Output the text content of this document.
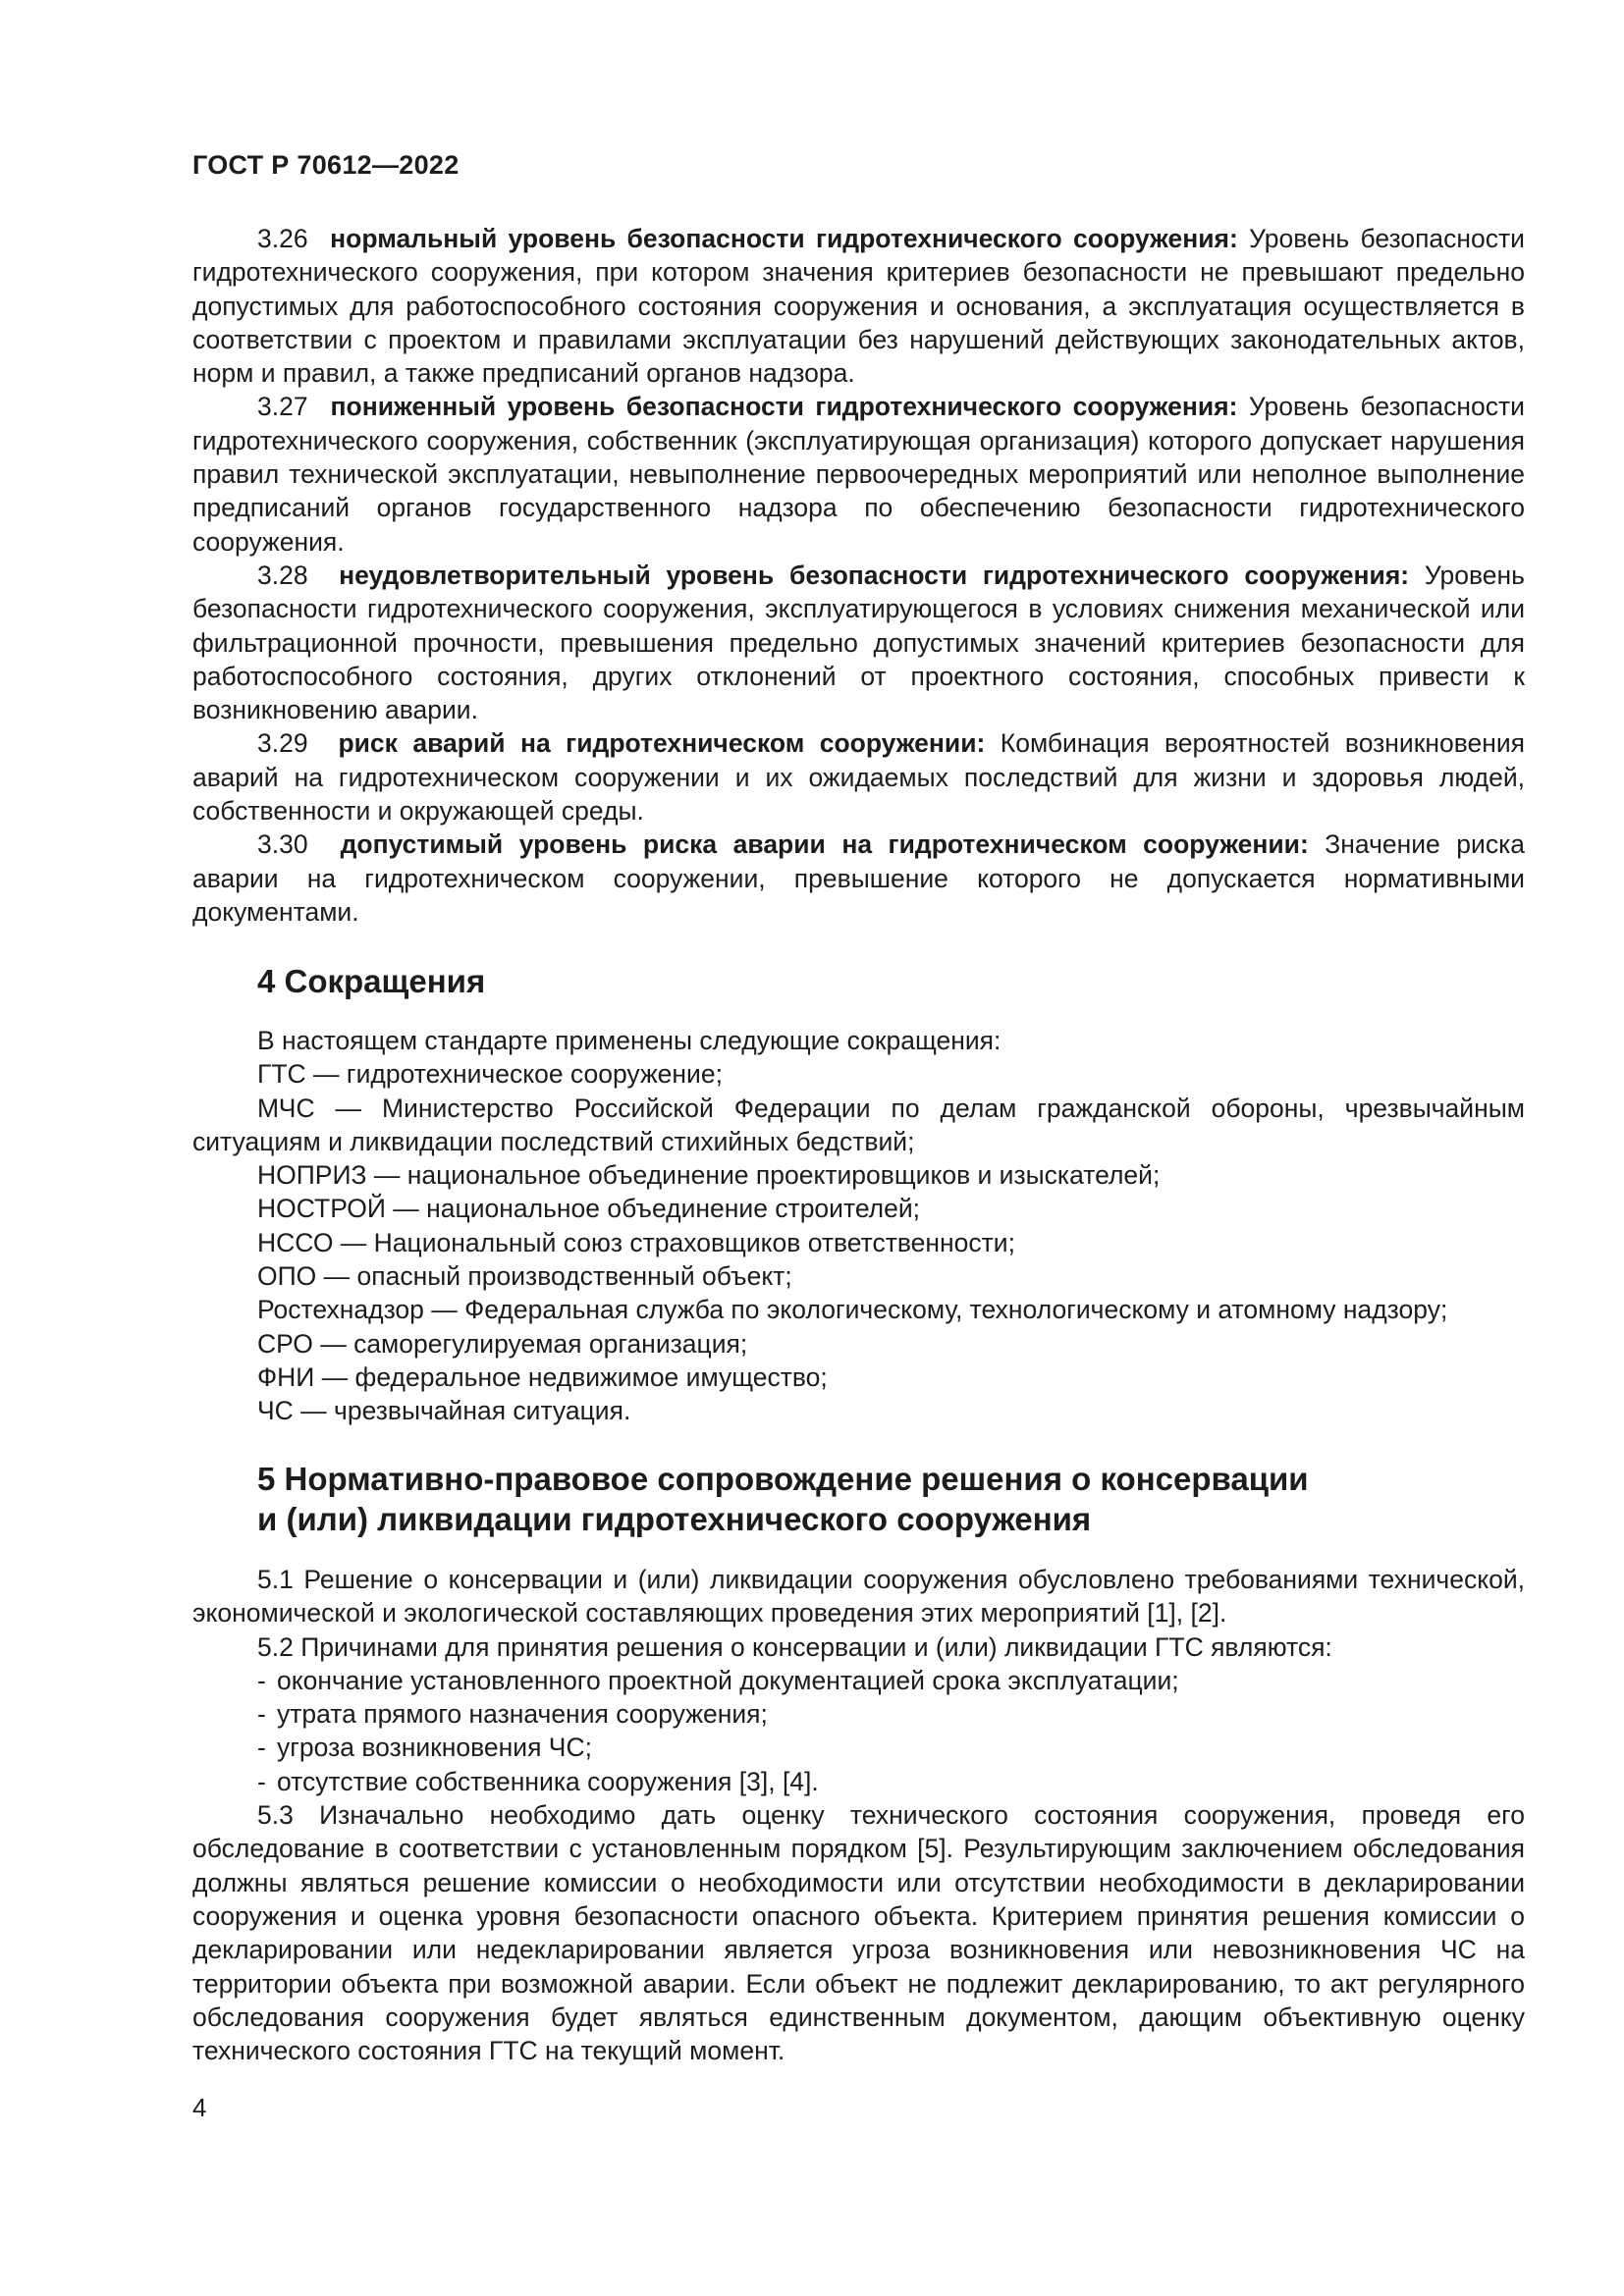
ГОСТ Р 70612—2022

3.26 нормальный уровень безопасности гидротехнического сооружения: Уровень безопасности гидротехнического сооружения, при котором значения критериев безопасности не превышают предельно допустимых для работоспособного состояния сооружения и основания, а эксплуатация осуществляется в соответствии с проектом и правилами эксплуатации без нарушений действующих законодательных актов, норм и правил, а также предписаний органов надзора.

3.27 пониженный уровень безопасности гидротехнического сооружения: Уровень безопасности гидротехнического сооружения, собственник (эксплуатирующая организация) которого допускает нарушения правил технической эксплуатации, невыполнение первоочередных мероприятий или неполное выполнение предписаний органов государственного надзора по обеспечению безопасности гидротехнического сооружения.

3.28 неудовлетворительный уровень безопасности гидротехнического сооружения: Уровень безопасности гидротехнического сооружения, эксплуатирующегося в условиях снижения механической или фильтрационной прочности, превышения предельно допустимых значений критериев безопасности для работоспособного состояния, других отклонений от проектного состояния, способных привести к возникновению аварии.

3.29 риск аварий на гидротехническом сооружении: Комбинация вероятностей возникновения аварий на гидротехническом сооружении и их ожидаемых последствий для жизни и здоровья людей, собственности и окружающей среды.

3.30 допустимый уровень риска аварии на гидротехническом сооружении: Значение риска аварии на гидротехническом сооружении, превышение которого не допускается нормативными документами.

4 Сокращения

В настоящем стандарте применены следующие сокращения:

ГТС — гидротехническое сооружение;

МЧС — Министерство Российской Федерации по делам гражданской обороны, чрезвычайным ситуациям и ликвидации последствий стихийных бедствий;

НОПРИЗ — национальное объединение проектировщиков и изыскателей;

НОСТРОЙ — национальное объединение строителей;

НССО — Национальный союз страховщиков ответственности;

ОПО — опасный производственный объект;

Ростехнадзор — Федеральная служба по экологическому, технологическому и атомному надзору;

СРО — саморегулируемая организация;

ФНИ — федеральное недвижимое имущество;

ЧС — чрезвычайная ситуация.

5 Нормативно-правовое сопровождение решения о консервации
и (или) ликвидации гидротехнического сооружения

5.1 Решение о консервации и (или) ликвидации сооружения обусловлено требованиями технической, экономической и экологической составляющих проведения этих мероприятий [1], [2].

5.2 Причинами для принятия решения о консервации и (или) ликвидации ГТС являются:

- окончание установленного проектной документацией срока эксплуатации;

- утрата прямого назначения сооружения;

- угроза возникновения ЧС;

- отсутствие собственника сооружения [3], [4].

5.3 Изначально необходимо дать оценку технического состояния сооружения, проведя его обследование в соответствии с установленным порядком [5]. Результирующим заключением обследования должны являться решение комиссии о необходимости или отсутствии необходимости в декларировании сооружения и оценка уровня безопасности опасного объекта. Критерием принятия решения комиссии о декларировании или недекларировании является угроза возникновения или невозникновения ЧС на территории объекта при возможной аварии. Если объект не подлежит декларированию, то акт регулярного обследования сооружения будет являться единственным документом, дающим объективную оценку технического состояния ГТС на текущий момент.

4
